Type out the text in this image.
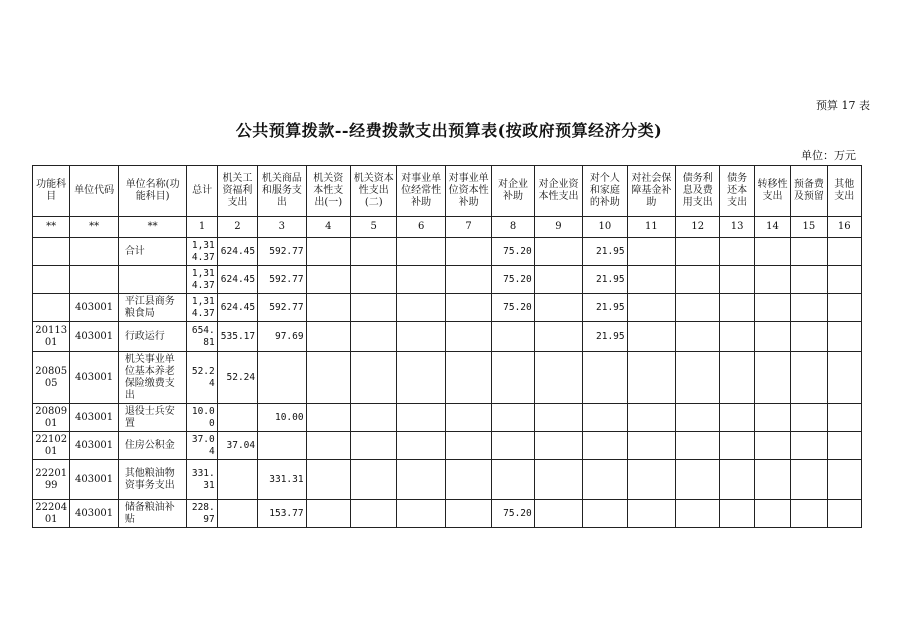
预算 17 表
公共预算拨款--经费拨款支出预算表(按政府预算经济分类)
单位：万元
功能科目	单位代码	单位名称(功能科目)	总计	机关工资福利支出	机关商品和服务支出	机关资本性支出(一)	机关资本性支出(二)	对事业单位经常性补助	对事业单位资本性补助	对企业补助	对企业资本性支出	对个人和家庭的补助	对社会保障基金补助	债务利息及费用支出	债务还本支出	转移性支出	预备费及预留	其他支出
**	**	**	1	2	3	4	5	6	7	8	9	10	11	12	13	14	15	16
		合计	1,314.37	624.45	592.77					75.20		21.95						
			1,314.37	624.45	592.77					75.20		21.95						
	403001	平江县商务粮食局	1,314.37	624.45	592.77					75.20		21.95						
2011301	403001	行政运行	654.81	535.17	97.69							21.95						
2080505	403001	机关事业单位基本养老保险缴费支出	52.24	52.24														
2080901	403001	退役士兵安置	10.00		10.00													
2210201	403001	住房公积金	37.04	37.04														
2220199	403001	其他粮油物资事务支出	331.31		331.31													
2220401	403001	储备粮油补贴	228.97		153.77					75.20								
